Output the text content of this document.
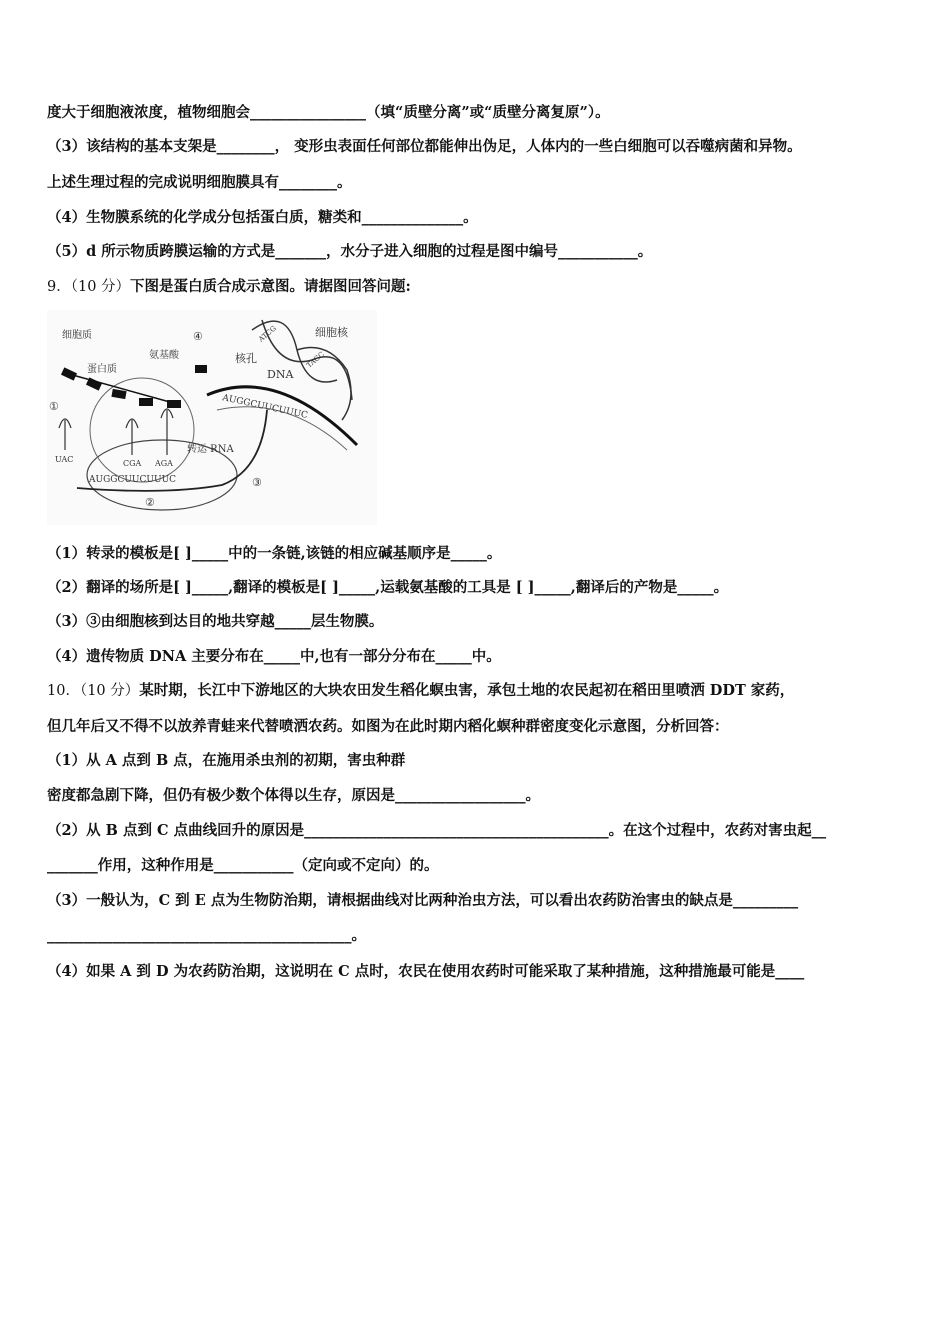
度大于细胞液浓度，植物细胞会________________（填“质壁分离”或“质壁分离复原”）。
（3）该结构的基本支架是________， 变形虫表面任何部位都能伸出伪足，人体内的一些白细胞可以吞噬病菌和异物。
上述生理过程的完成说明细胞膜具有________。
（4）生物膜系统的化学成分包括蛋白质，糖类和______________。
（5）d 所示物质跨膜运输的方式是_______，水分子进入细胞的过程是图中编号___________。
9．（10 分）下图是蛋白质合成示意图。请据图回答问题:
DNA
ATCG
TAGC
细胞核
核孔
AUGGCUUCUUUC
AUGGCUUCUUUC
UAC	CGA AGA
转运 RNA
细胞质
蛋白质
氨基酸
①
②
③
④
（1）转录的模板是[ ]_____中的一条链,该链的相应碱基顺序是_____。
（2）翻译的场所是[ ]_____,翻译的模板是[ ]_____,运载氨基酸的工具是 [ ]_____,翻译后的产物是_____。
（3）③由细胞核到达目的地共穿越_____层生物膜。
（4）遗传物质 DNA 主要分布在_____中,也有一部分分布在_____中。
10．（10 分）某时期，长江中下游地区的大块农田发生稻化螟虫害，承包土地的农民起初在稻田里喷洒 DDT 家药，
但几年后又不得不以放养青蛙来代替喷洒农药。如图为在此时期内稻化螟种群密度变化示意图，分析回答：
（1）从 A 点到 B 点，在施用杀虫剂的初期，害虫种群
密度都急剧下降，但仍有极少数个体得以生存，原因是__________________。
（2）从 B 点到 C 点曲线回升的原因是__________________________________________。在这个过程中，农药对害虫起__
_______作用，这种作用是___________（定向或不定向）的。
（3）一般认为，C 到 E 点为生物防治期，请根据曲线对比两种治虫方法，可以看出农药防治害虫的缺点是_________
__________________________________________。
（4）如果 A 到 D 为农药防治期，这说明在 C 点时，农民在使用农药时可能采取了某种措施，这种措施最可能是____
